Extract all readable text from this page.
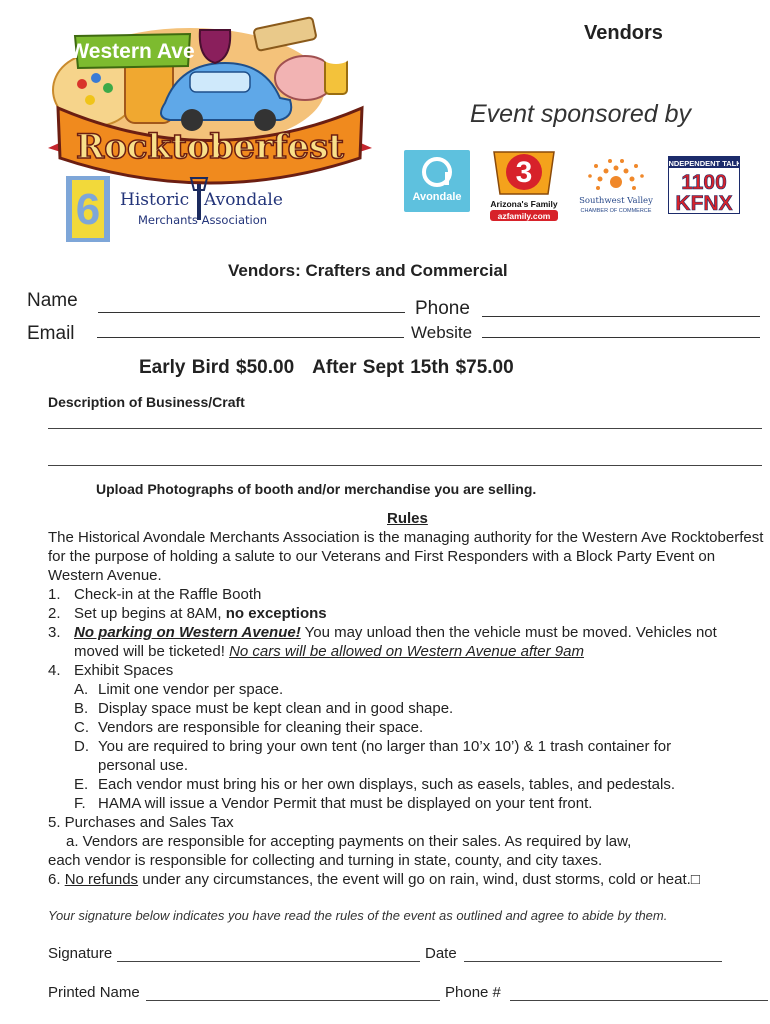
Vendors
Event sponsored by
Western Ave
Rocktoberfest
6 Historic Avondale
Merchants Association
Avondale
3
Arizona's Family
azfamily.com
Southwest Valley
CHAMBER OF COMMERCE
INDEPENDENT TALK
1100
KFNX
Vendors: Crafters and Commercial
Name	Phone
Email	Website
Early Bird $50.00 After Sept 15th $75.00
Description of Business/Craft
Upload Photographs of booth and/or merchandise you are selling.
Rules
The Historical Avondale Merchants Association is the managing authority for the Western Ave Rocktoberfest for the purpose of holding a salute to our Veterans and First Responders with a Block Party Event on Western Avenue.
1. Check-in at the Raffle Booth
2. Set up begins at 8AM, no exceptions
3. No parking on Western Avenue! You may unload then the vehicle must be moved. Vehicles not
moved will be ticketed! No cars will be allowed on Western Avenue after 9am
4. Exhibit Spaces
A. Limit one vendor per space.
B. Display space must be kept clean and in good shape.
C. Vendors are responsible for cleaning their space.
D. You are required to bring your own tent (no larger than 10’x 10’) & 1 trash container for
personal use.
E. Each vendor must bring his or her own displays, such as easels, tables, and pedestals.
F. HAMA will issue a Vendor Permit that must be displayed on your tent front.
5. Purchases and Sales Tax
a. Vendors are responsible for accepting payments on their sales. As required by law,
each vendor is responsible for collecting and turning in state, county, and city taxes.
6. No refunds under any circumstances, the event will go on rain, wind, dust storms, cold or heat.□
Your signature below indicates you have read the rules of the event as outlined and agree to abide by them.
Signature	Date
Printed Name	Phone #
